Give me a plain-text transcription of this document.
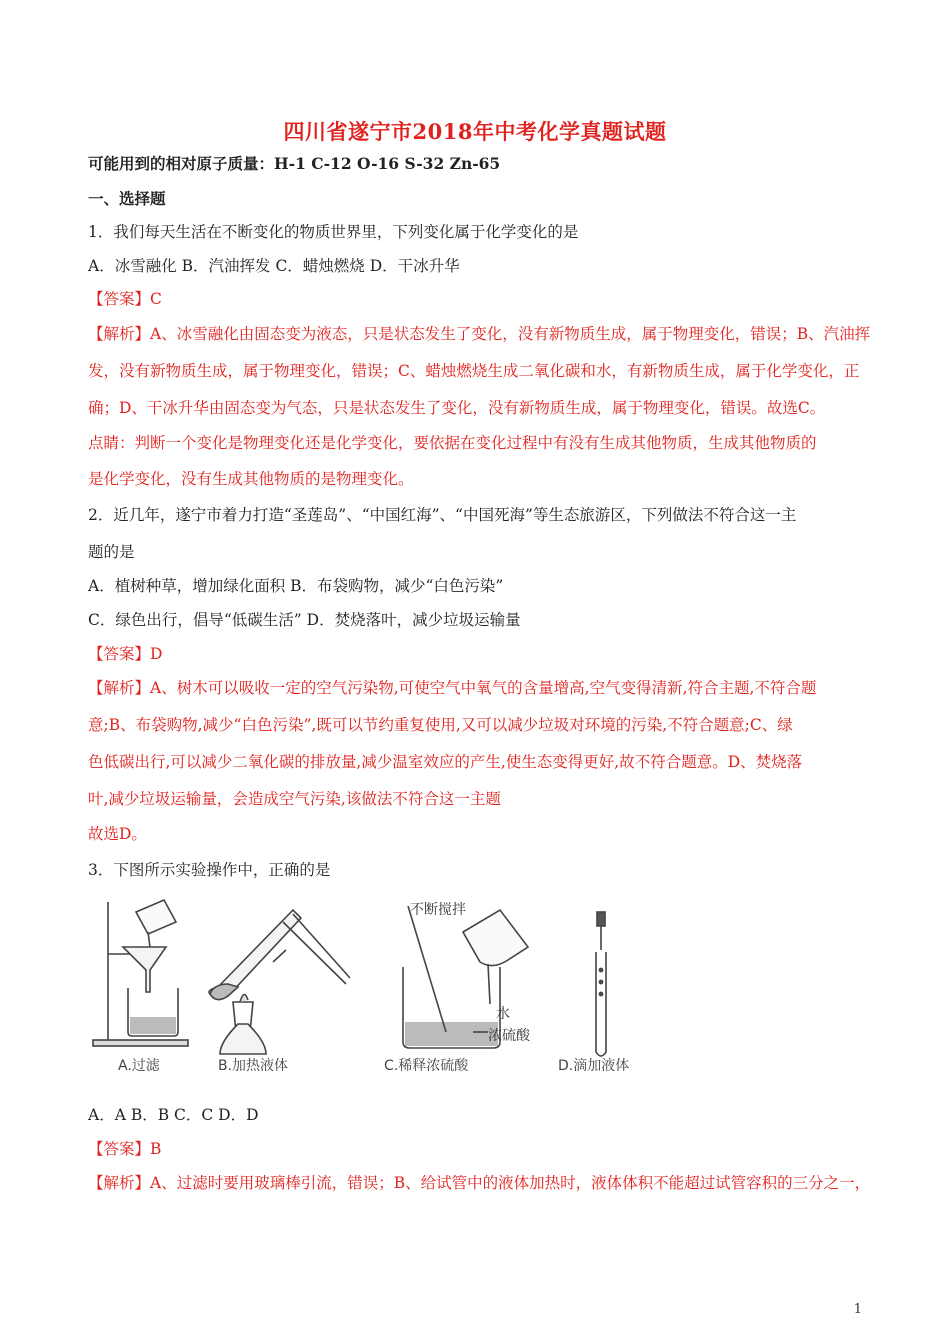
四川省遂宁市2018年中考化学真题试题
可能用到的相对原子质量：H-1 C-12 O-16 S-32 Zn-65
一、选择题
1．我们每天生活在不断变化的物质世界里，下列变化属于化学变化的是
A．冰雪融化 B．汽油挥发 C．蜡烛燃烧 D．干冰升华
【答案】C
【解析】A、冰雪融化由固态变为液态，只是状态发生了变化，没有新物质生成，属于物理变化，错误；B、汽油挥
发，没有新物质生成，属于物理变化，错误；C、蜡烛燃烧生成二氧化碳和水，有新物质生成，属于化学变化，正
确；D、干冰升华由固态变为气态，只是状态发生了变化，没有新物质生成，属于物理变化，错误。故选C。
点睛：判断一个变化是物理变化还是化学变化，要依据在变化过程中有没有生成其他物质，生成其他物质的
是化学变化，没有生成其他物质的是物理变化。
2．近几年，遂宁市着力打造“圣莲岛”、“中国红海”、“中国死海”等生态旅游区，下列做法不符合这一主
题的是
A．植树种草，增加绿化面积 B．布袋购物，减少“白色污染”
C．绿色出行，倡导“低碳生活” D．焚烧落叶，减少垃圾运输量
【答案】D
【解析】A、树木可以吸收一定的空气污染物,可使空气中氧气的含量增高,空气变得清新,符合主题,不符合题
意;B、布袋购物,减少“白色污染”,既可以节约重复使用,又可以减少垃圾对环境的污染,不符合题意;C、绿
色低碳出行,可以减少二氧化碳的排放量,减少温室效应的产生,使生态变得更好,故不符合题意。D、焚烧落
叶,减少垃圾运输量，会造成空气污染,该做法不符合这一主题
故选D。
3．下图所示实验操作中，正确的是
不断搅拌
水
浓硫酸
A.过滤	B.加热液体	C.稀释浓硫酸	D.滴加液体
A．A B．B C．C D．D
【答案】B
【解析】A、过滤时要用玻璃棒引流，错误；B、给试管中的液体加热时，液体体积不能超过试管容积的三分之一，
1
